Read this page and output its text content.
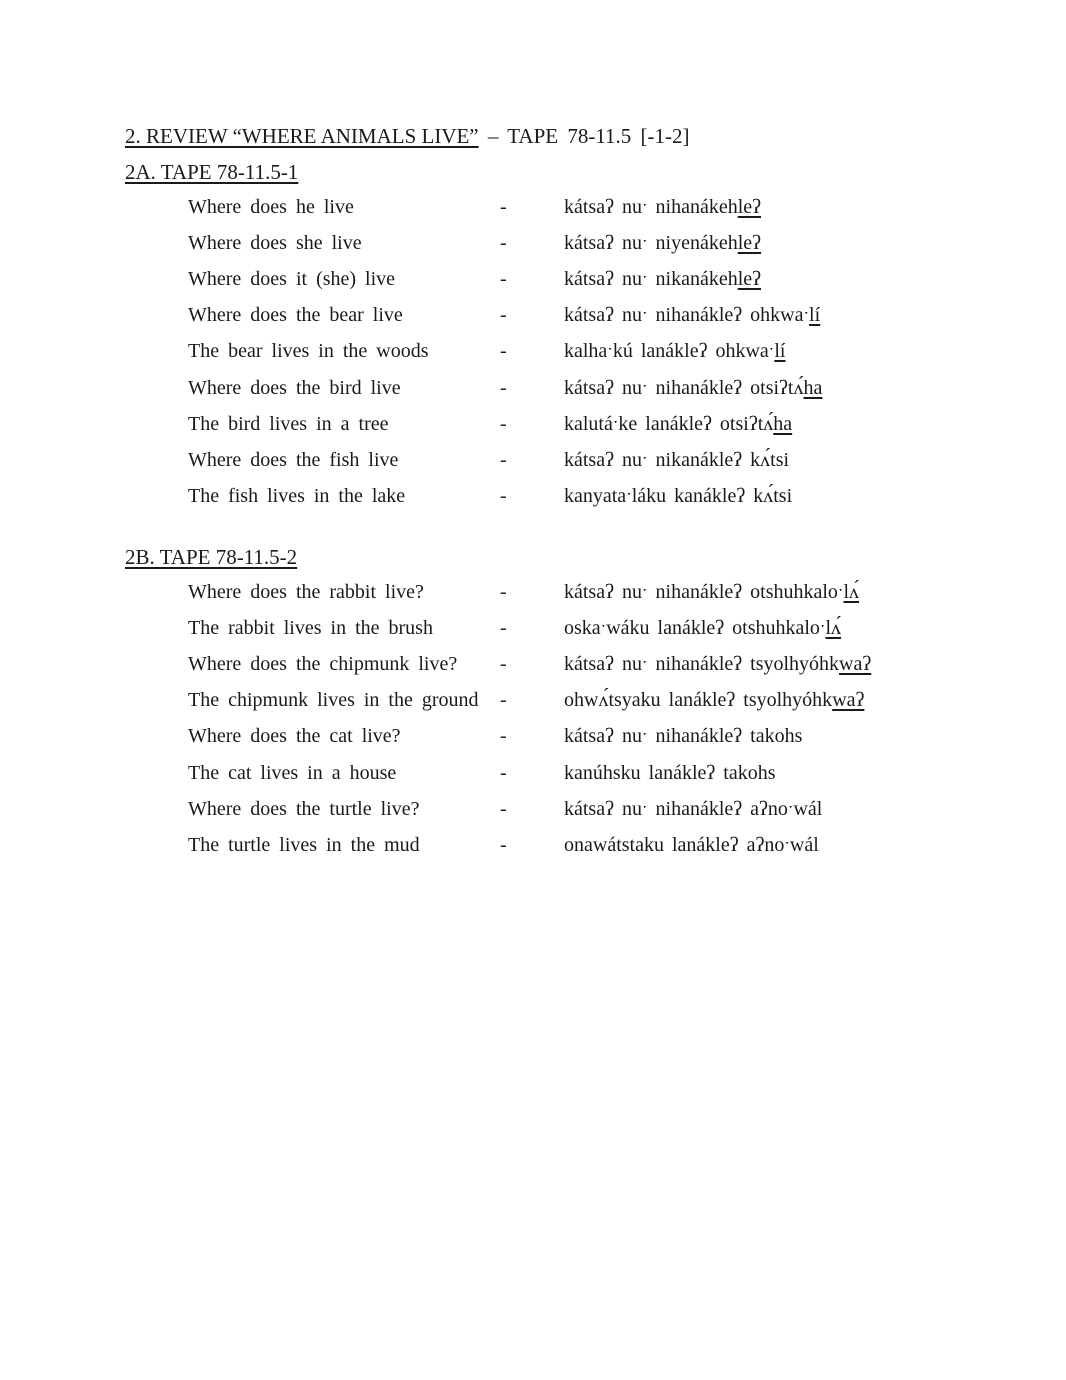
2. REVIEW “WHERE ANIMALS LIVE” – TAPE 78-11.5 [-1-2]
2A. TAPE 78-11.5-1
Where does he live	-	kátsaʔ nuˑ nihanákehleʔ
Where does she live	-	kátsaʔ nuˑ niyenákehleʔ
Where does it (she) live	-	kátsaʔ nuˑ nikanákehleʔ
Where does the bear live	-	kátsaʔ nuˑ nihanákleʔ ohkwaˑlí
The bear lives in the woods	-	kalhaˑkú lanákleʔ ohkwaˑlí
Where does the bird live	-	kátsaʔ nuˑ nihanákleʔ otsiʔtʌ́ha
The bird lives in a tree	-	kalutáˑke lanákleʔ otsiʔtʌ́ha
Where does the fish live	-	kátsaʔ nuˑ nikanákleʔ kʌ́tsi
The fish lives in the lake	-	kanyataˑláku kanákleʔ kʌ́tsi
2B. TAPE 78-11.5-2
Where does the rabbit live?	-	kátsaʔ nuˑ nihanákleʔ otshuhkaloˑlʌ́
The rabbit lives in the brush	-	oskaˑwáku lanákleʔ otshuhkaloˑlʌ́
Where does the chipmunk live? -	kátsaʔ nuˑ nihanákleʔ tsyolhyóhkwaʔ
The chipmunk lives in the ground -	ohwʌ́tsyaku lanákleʔ tsyolhyóhkwaʔ
Where does the cat live?	-	kátsaʔ nuˑ nihanákleʔ takohs
The cat lives in a house	-	kanúhsku lanákleʔ takohs
Where does the turtle live?	-	kátsaʔ nuˑ nihanákleʔ aʔnoˑwál
The turtle lives in the mud	-	onawátstaku lanákleʔ aʔnoˑwál
